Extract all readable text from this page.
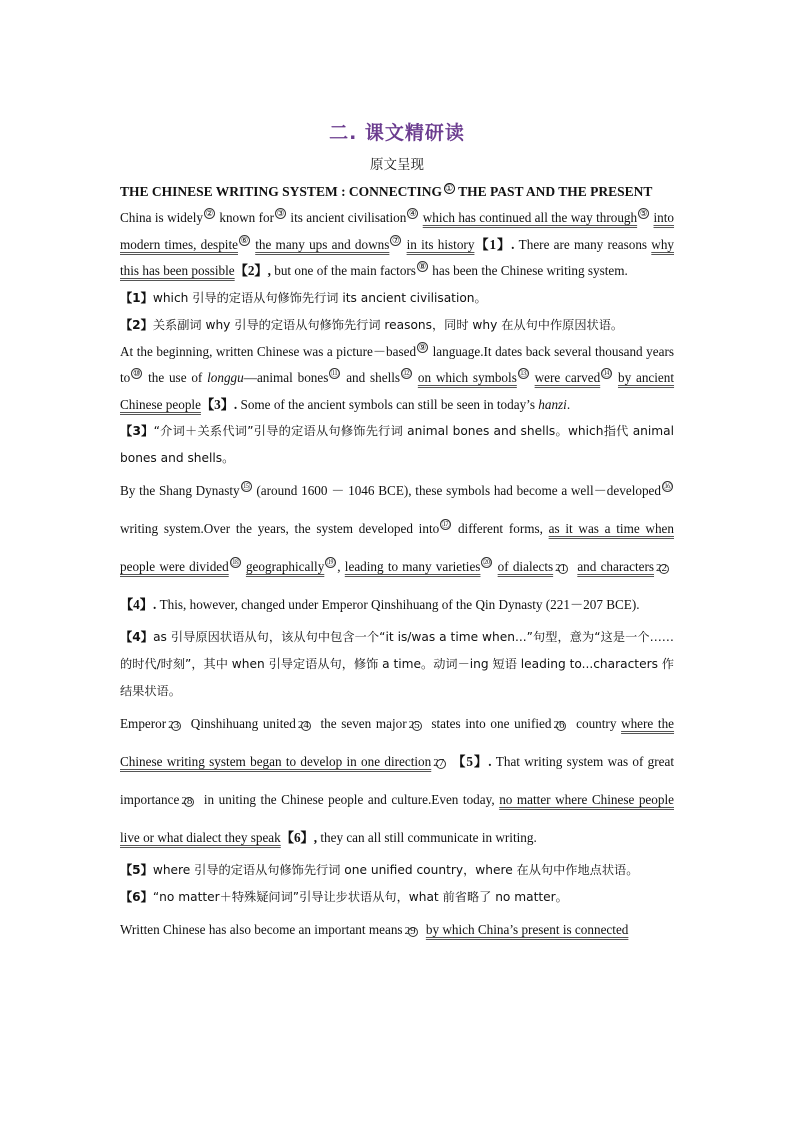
二. 课文精研读

原文呈现

THE CHINESE WRITING SYSTEM : CONNECTING ① THE PAST AND THE PRESENT

China is widely ② known for ③ its ancient civilisation ④ which has continued all the way through ⑤ into modern times, despite ⑥ the many ups and downs ⑦ in its history【1】. There are many reasons why this has been possible【2】, but one of the main factors ⑧ has been the Chinese writing system.

【1】which 引导的定语从句修饰先行词 its ancient civilisation。

【2】关系副词 why 引导的定语从句修饰先行词 reasons，同时 why 在从句中作原因状语。

At the beginning, written Chinese was a picture－based ⑨ language.It dates back several thousand years to ⑩ the use of longgu—animal bones ⑪ and shells ⑫ on which symbols ⑬ were carved ⑭ by ancient Chinese people【3】. Some of the ancient symbols can still be seen in today’s hanzi.

【3】“介词＋关系代词”引导的定语从句修饰先行词 animal bones and shells。which指代 animal bones and shells。

By the Shang Dynasty ⑮ (around 1600 － 1046 BCE), these symbols had become a well－developed ⑯ writing system.Over the years, the system developed into ⑰ different forms, as it was a time when people were divided ⑱ geographically ⑲ , leading to many varieties ⑳ of dialects 21 and characters 22
【4】. This, however, changed under Emperor Qinshihuang of the Qin Dynasty (221－207 BCE).

【4】as 引导原因状语从句，该从句中包含一个“it is/was a time when...”句型，意为“这是一个……的时代/时刻”，其中 when 引导定语从句，修饰 a time。动词－ing 短语 leading to...characters 作结果状语。

Emperor 23 Qinshihuang united 24 the seven major 25 states into one unified 26 country where the Chinese writing system began to develop in one direction 27 【5】. That writing system was of great importance 28 in uniting the Chinese people and culture.Even today, no matter where Chinese people live or what dialect they speak【6】, they can all still communicate in writing.

【5】where 引导的定语从句修饰先行词 one unified country，where 在从句中作地点状语。

【6】“no matter＋特殊疑问词”引导让步状语从句，what 前省略了 no matter。

Written Chinese has also become an important means 29 by which China’s present is connected
